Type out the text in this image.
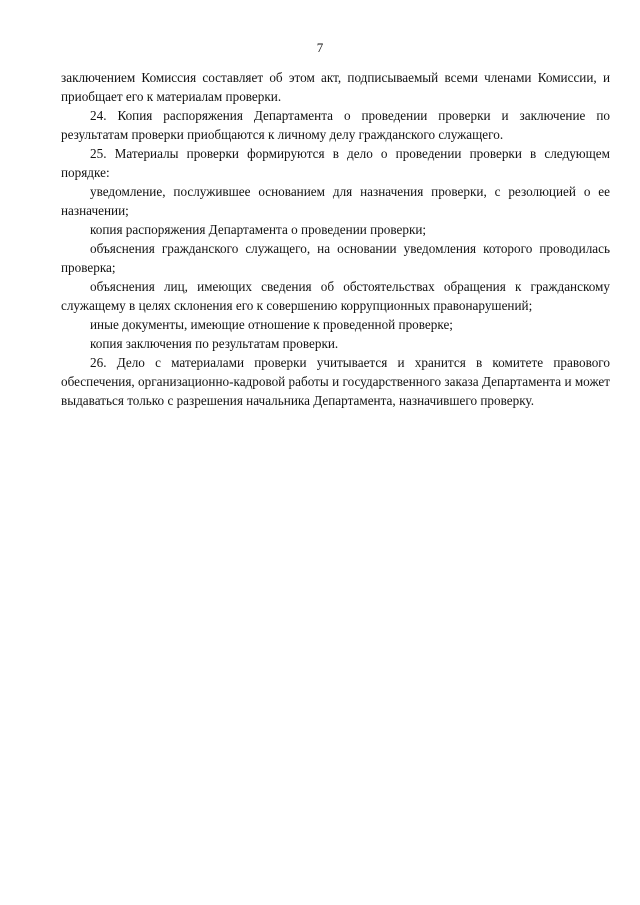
7

заключением Комиссия составляет об этом акт, подписываемый всеми членами Комиссии, и приобщает его к материалам проверки.

24. Копия распоряжения Департамента о проведении проверки и заключение по результатам проверки приобщаются к личному делу гражданского служащего.

25. Материалы проверки формируются в дело о проведении проверки в следующем порядке:

уведомление, послужившее основанием для назначения проверки, с резолюцией о ее назначении;

копия распоряжения Департамента о проведении проверки;

объяснения гражданского служащего, на основании уведомления которого проводилась проверка;

объяснения лиц, имеющих сведения об обстоятельствах обращения к гражданскому служащему в целях склонения его к совершению коррупционных правонарушений;

иные документы, имеющие отношение к проведенной проверке;

копия заключения по результатам проверки.

26. Дело с материалами проверки учитывается и хранится в комитете правового обеспечения, организационно-кадровой работы и государственного заказа Департамента и может выдаваться только с разрешения начальника Департамента, назначившего проверку.
